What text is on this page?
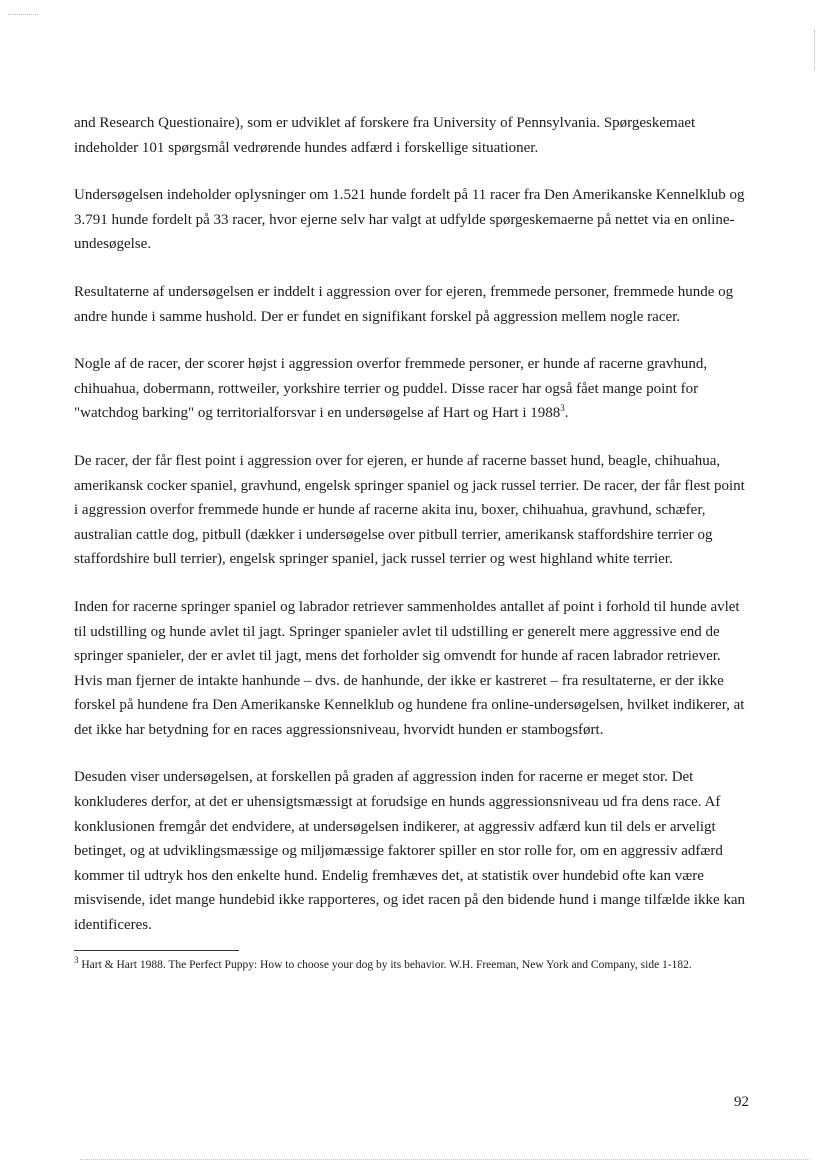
and Research Questionaire), som er udviklet af forskere fra University of Pennsylvania. Spørgeskemaet indeholder 101 spørgsmål vedrørende hundes adfærd i forskellige situationer.

Undersøgelsen indeholder oplysninger om 1.521 hunde fordelt på 11 racer fra Den Amerikanske Kennelklub og 3.791 hunde fordelt på 33 racer, hvor ejerne selv har valgt at udfylde spørgeskemaerne på nettet via en online-undesøgelse.

Resultaterne af undersøgelsen er inddelt i aggression over for ejeren, fremmede personer, fremmede hunde og andre hunde i samme hushold. Der er fundet en signifikant forskel på aggression mellem nogle racer.

Nogle af de racer, der scorer højst i aggression overfor fremmede personer, er hunde af racerne gravhund, chihuahua, dobermann, rottweiler, yorkshire terrier og puddel. Disse racer har også fået mange point for "watchdog barking" og territorialforsvar i en undersøgelse af Hart og Hart i 1988$^3$.

De racer, der får flest point i aggression over for ejeren, er hunde af racerne basset hund, beagle, chihuahua, amerikansk cocker spaniel, gravhund, engelsk springer spaniel og jack russel terrier. De racer, der får flest point i aggression overfor fremmede hunde er hunde af racerne akita inu, boxer, chihuahua, gravhund, schæfer, australian cattle dog, pitbull (dækker i undersøgelse over pitbull terrier, amerikansk staffordshire terrier og staffordshire bull terrier), engelsk springer spaniel, jack russel terrier og west highland white terrier.

Inden for racerne springer spaniel og labrador retriever sammenholdes antallet af point i forhold til hunde avlet til udstilling og hunde avlet til jagt. Springer spanieler avlet til udstilling er generelt mere aggressive end de springer spanieler, der er avlet til jagt, mens det forholder sig omvendt for hunde af racen labrador retriever. Hvis man fjerner de intakte hanhunde – dvs. de hanhunde, der ikke er kastreret – fra resultaterne, er der ikke forskel på hundene fra Den Amerikanske Kennelklub og hundene fra online-undersøgelsen, hvilket indikerer, at det ikke har betydning for en races aggressionsniveau, hvorvidt hunden er stambogsført.

Desuden viser undersøgelsen, at forskellen på graden af aggression inden for racerne er meget stor. Det konkluderes derfor, at det er uhensigtsmæssigt at forudsige en hunds aggressionsniveau ud fra dens race. Af konklusionen fremgår det endvidere, at undersøgelsen indikerer, at aggressiv adfærd kun til dels er arveligt betinget, og at udviklingsmæssige og miljømæssige faktorer spiller en stor rolle for, om en aggressiv adfærd kommer til udtryk hos den enkelte hund. Endelig fremhæves det, at statistik over hundebid ofte kan være misvisende, idet mange hundebid ikke rapporteres, og idet racen på den bidende hund i mange tilfælde ikke kan identificeres.

$^3$ Hart & Hart 1988. The Perfect Puppy: How to choose your dog by its behavior. W.H. Freeman, New York and Company, side 1-182.

92
